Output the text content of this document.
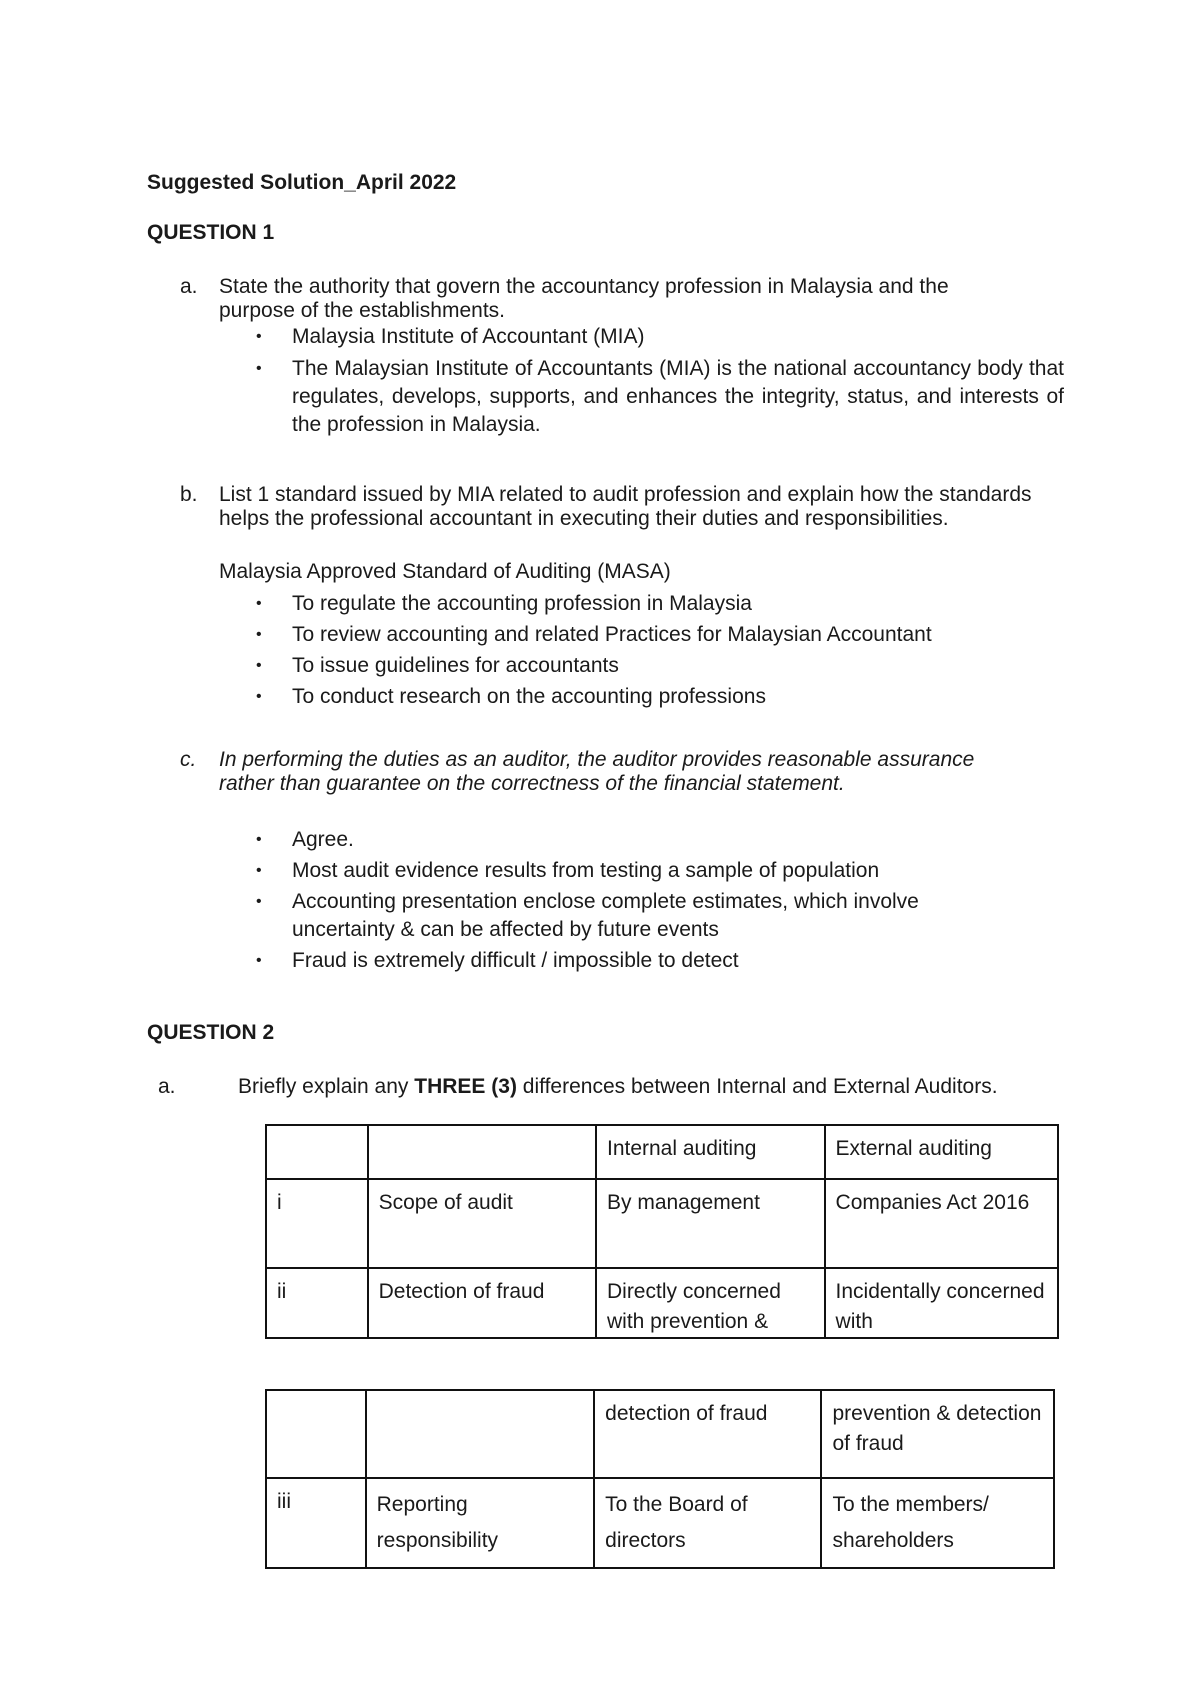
Suggested Solution_April 2022

QUESTION 1

a. State the authority that govern the accountancy profession in Malaysia and the

purpose of the establishments.

• Malaysia Institute of Accountant (MIA)
• The Malaysian Institute of Accountants (MIA) is the national accountancy body that regulates, develops, supports, and enhances the integrity, status, and interests of the profession in Malaysia.

b. List 1 standard issued by MIA related to audit profession and explain how the standards

helps the professional accountant in executing their duties and responsibilities.

Malaysia Approved Standard of Auditing (MASA)

• To regulate the accounting profession in Malaysia
• To review accounting and related Practices for Malaysian Accountant
• To issue guidelines for accountants
• To conduct research on the accounting professions

c. In performing the duties as an auditor, the auditor provides reasonable assurance

rather than guarantee on the correctness of the financial statement.

• Agree.
• Most audit evidence results from testing a sample of population
• Accounting presentation enclose complete estimates, which involve uncertainty & can be affected by future events
• Fraud is extremely difficult / impossible to detect

QUESTION 2

a.	Briefly explain any THREE (3) differences between Internal and External Auditors.

		Internal auditing	External auditing
i	Scope of audit	By management	Companies Act 2016
ii	Detection of fraud	Directly concerned with prevention &	Incidentally concerned with
		detection of fraud	prevention & detection of fraud
iii	Reporting responsibility	To the Board of directors	To the members/ shareholders
